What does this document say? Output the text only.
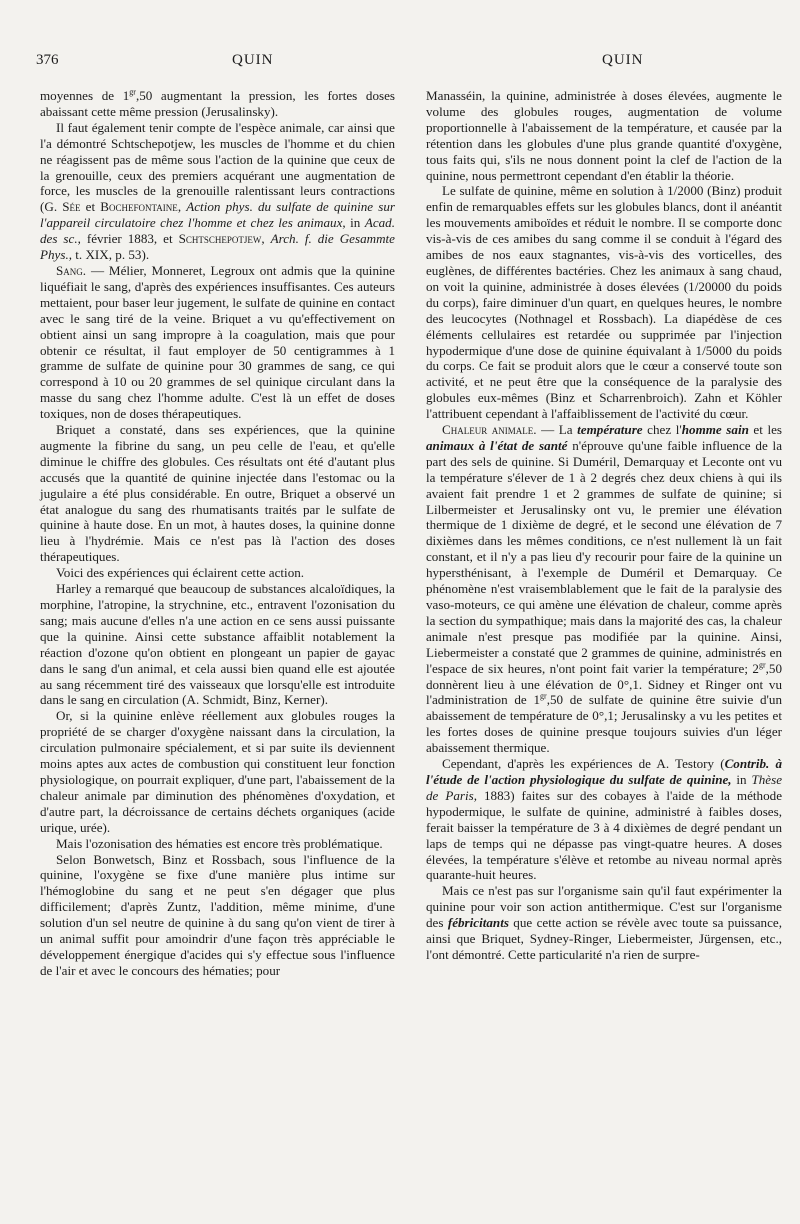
376	QUIN	QUIN

moyennes de $1^{gr},50$ augmentant la pression, les fortes doses abaissant cette même pression (Jerusalinsky).

Il faut également tenir compte de l'espèce animale, car ainsi que l'a démontré Schtschepotjew, les muscles de l'homme et du chien ne réagissent pas de même sous l'action de la quinine que ceux de la grenouille, ceux des premiers acquérant une augmentation de force, les muscles de la grenouille ralentissant leurs contractions (G. Sée et Bochefontaine, Action phys. du sulfate de quinine sur l'appareil circulatoire chez l'homme et chez les animaux, in Acad. des sc., février 1883, et Schtschepotjew, Arch. f. die Gesammte Phys., t. XIX, p. 53).

Sang. — Mélier, Monneret, Legroux ont admis que la quinine liquéfiait le sang, d'après des expériences insuffisantes. Ces auteurs mettaient, pour baser leur jugement, le sulfate de quinine en contact avec le sang tiré de la veine. Briquet a vu qu'effectivement on obtient ainsi un sang impropre à la coagulation, mais que pour obtenir ce résultat, il faut employer de 50 centigrammes à 1 gramme de sulfate de quinine pour 30 grammes de sang, ce qui correspond à 10 ou 20 grammes de sel quinique circulant dans la masse du sang chez l'homme adulte. C'est là un effet de doses toxiques, non de doses thérapeutiques.

Briquet a constaté, dans ses expériences, que la quinine augmente la fibrine du sang, un peu celle de l'eau, et qu'elle diminue le chiffre des globules. Ces résultats ont été d'autant plus accusés que la quantité de quinine injectée dans l'estomac ou la jugulaire a été plus considérable. En outre, Briquet a observé un état analogue du sang des rhumatisants traités par le sulfate de quinine à haute dose. En un mot, à hautes doses, la quinine donne lieu à l'hydrémie. Mais ce n'est pas là l'action des doses thérapeutiques.

Voici des expériences qui éclairent cette action.

Harley a remarqué que beaucoup de substances alcaloïdiques, la morphine, l'atropine, la strychnine, etc., entravent l'ozonisation du sang; mais aucune d'elles n'a une action en ce sens aussi puissante que la quinine. Ainsi cette substance affaiblit notablement la réaction d'ozone qu'on obtient en plongeant un papier de gayac dans le sang d'un animal, et cela aussi bien quand elle est ajoutée au sang récemment tiré des vaisseaux que lorsqu'elle est introduite dans le sang en circulation (A. Schmidt, Binz, Kerner).

Or, si la quinine enlève réellement aux globules rouges la propriété de se charger d'oxygène naissant dans la circulation, la circulation pulmonaire spécialement, et si par suite ils deviennent moins aptes aux actes de combustion qui constituent leur fonction physiologique, on pourrait expliquer, d'une part, l'abaissement de la chaleur animale par diminution des phénomènes d'oxydation, et d'autre part, la décroissance de certains déchets organiques (acide urique, urée).

Mais l'ozonisation des hématies est encore très problématique.

Selon Bonwetsch, Binz et Rossbach, sous l'influence de la quinine, l'oxygène se fixe d'une manière plus intime sur l'hémoglobine du sang et ne peut s'en dégager que plus difficilement; d'après Zuntz, l'addition, même minime, d'une solution d'un sel neutre de quinine à du sang qu'on vient de tirer à un animal suffit pour amoindrir d'une façon très appréciable le développement énergique d'acides qui s'y effectue sous l'influence de l'air et avec le concours des hématies; pour

Manasséin, la quinine, administrée à doses élevées, augmente le volume des globules rouges, augmentation de volume proportionnelle à l'abaissement de la température, et causée par la rétention dans les globules d'une plus grande quantité d'oxygène, tous faits qui, s'ils ne nous donnent point la clef de l'action de la quinine, nous permettront cependant d'en établir la théorie.

Le sulfate de quinine, même en solution à 1/2000 (Binz) produit enfin de remarquables effets sur les globules blancs, dont il anéantit les mouvements amiboïdes et réduit le nombre. Il se comporte donc vis-à-vis de ces amibes du sang comme il se conduit à l'égard des amibes de nos eaux stagnantes, vis-à-vis des vorticelles, des euglènes, de différentes bactéries. Chez les animaux à sang chaud, on voit la quinine, administrée à doses élevées (1/20000 du poids du corps), faire diminuer d'un quart, en quelques heures, le nombre des leucocytes (Nothnagel et Rossbach). La diapédèse de ces éléments cellulaires est retardée ou supprimée par l'injection hypodermique d'une dose de quinine équivalant à 1/5000 du poids du corps. Ce fait se produit alors que le cœur a conservé toute son activité, et ne peut être que la conséquence de la paralysie des globules eux-mêmes (Binz et Scharrenbroich). Zahn et Köhler l'attribuent cependant à l'affaiblissement de l'activité du cœur.

Chaleur animale. — La température chez l'homme sain et les animaux à l'état de santé n'éprouve qu'une faible influence de la part des sels de quinine. Si Duméril, Demarquay et Leconte ont vu la température s'élever de 1 à 2 degrés chez deux chiens à qui ils avaient fait prendre 1 et 2 grammes de sulfate de quinine; si Lilbermeister et Jerusalinsky ont vu, le premier une élévation thermique de 1 dixième de degré, et le second une élévation de 7 dixièmes dans les mêmes conditions, ce n'est nullement là un fait constant, et il n'y a pas lieu d'y recourir pour faire de la quinine un hypersthénisant, à l'exemple de Duméril et Demarquay. Ce phénomène n'est vraisemblablement que le fait de la paralysie des vaso-moteurs, ce qui amène une élévation de chaleur, comme après la section du sympathique; mais dans la majorité des cas, la chaleur animale n'est presque pas modifiée par la quinine. Ainsi, Liebermeister a constaté que 2 grammes de quinine, administrés en l'espace de six heures, n'ont point fait varier la température; $2^{gr},50$ donnèrent lieu à une élévation de 0°,1. Sidney et Ringer ont vu l'administration de $1^{gr},50$ de sulfate de quinine être suivie d'un abaissement de température de 0°,1; Jerusalinsky a vu les petites et les fortes doses de quinine presque toujours suivies d'un léger abaissement thermique.

Cependant, d'après les expériences de A. Testory (Contrib. à l'étude de l'action physiologique du sulfate de quinine, in Thèse de Paris, 1883) faites sur des cobayes à l'aide de la méthode hypodermique, le sulfate de quinine, administré à faibles doses, ferait baisser la température de 3 à 4 dixièmes de degré pendant un laps de temps qui ne dépasse pas vingt-quatre heures. A doses élevées, la température s'élève et retombe au niveau normal après quarante-huit heures.

Mais ce n'est pas sur l'organisme sain qu'il faut expérimenter la quinine pour voir son action antithermique. C'est sur l'organisme des fébricitants que cette action se révèle avec toute sa puissance, ainsi que Briquet, Sydney-Ringer, Liebermeister, Jürgensen, etc., l'ont démontré. Cette particularité n'a rien de surpre-
